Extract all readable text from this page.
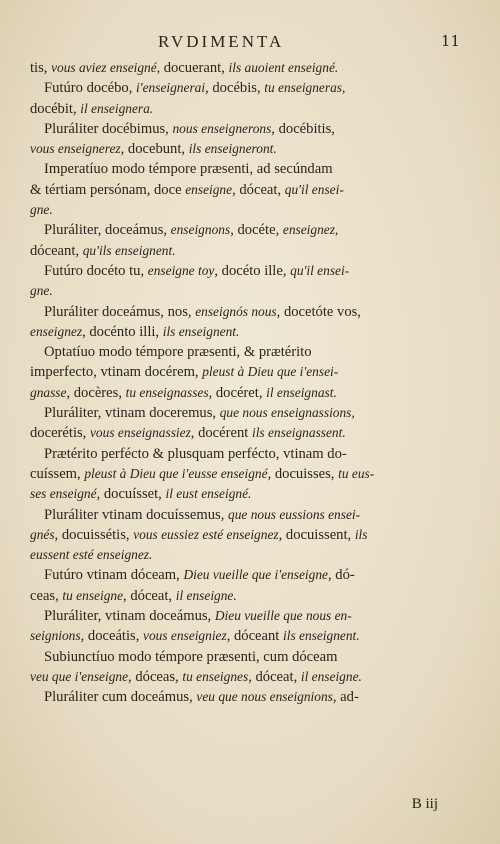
RVDIMENTA	11
tis, vous aviez enseigné, docuerant, ils auoient enseigné.
Futúro docébo, i'enseignerai, docébis, tu enseigneras,
docébit, il enseignera.
Pluráliter docébimus, nous enseignerons, docébitis,
vous enseignerez, docebunt, ils enseigneront.
Imperatíuo modo témpore præsenti, ad secúndam
& tértiam persónam, doce enseigne, dóceat, qu'il ensei-
gne.
Pluráliter, doceámus, enseignons, docéte, enseignez,
dóceant, qu'ils enseignent.
Futúro docéto tu, enseigne toy, docéto ille, qu'il ensei-
gne.
Pluráliter doceámus, nos, enseignós nous, docetóte vos,
enseignez, docénto illi, ils enseignent.
Optatíuo modo témpore præsenti, & prætérito
imperfecto, vtinam docérem, pleust à Dieu que i'ensei-
gnasse, docères, tu enseignasses, docéret, il enseignast.
Pluráliter, vtinam doceremus, que nous enseignassions,
docerétis, vous enseignassiez, docérent ils enseignassent.
Prætérito perfécto & plusquam perfécto, vtinam do-
cuíssem, pleust à Dieu que i'eusse enseigné, docuisses, tu eus-
ses enseigné, docuísset, il eust enseigné.
Pluráliter vtinam docuíssemus, que nous eussions ensei-
gnés, docuissétis, vous eussiez esté enseignez, docuissent, ils
eussent esté enseignez.
Futúro vtinam dóceam, Dieu vueille que i'enseigne, dó-
ceas, tu enseigne, dóceat, il enseigne.
Pluráliter, vtinam doceámus, Dieu vueille que nous en-
seignions, doceátis, vous enseigniez, dóceant ils enseignent.
Subiunctíuo modo témpore præsenti, cum dóceam
veu que i'enseigne, dóceas, tu enseignes, dóceat, il enseigne.
Pluráliter cum doceámus, veu que nous enseignions, ad-
B iij
